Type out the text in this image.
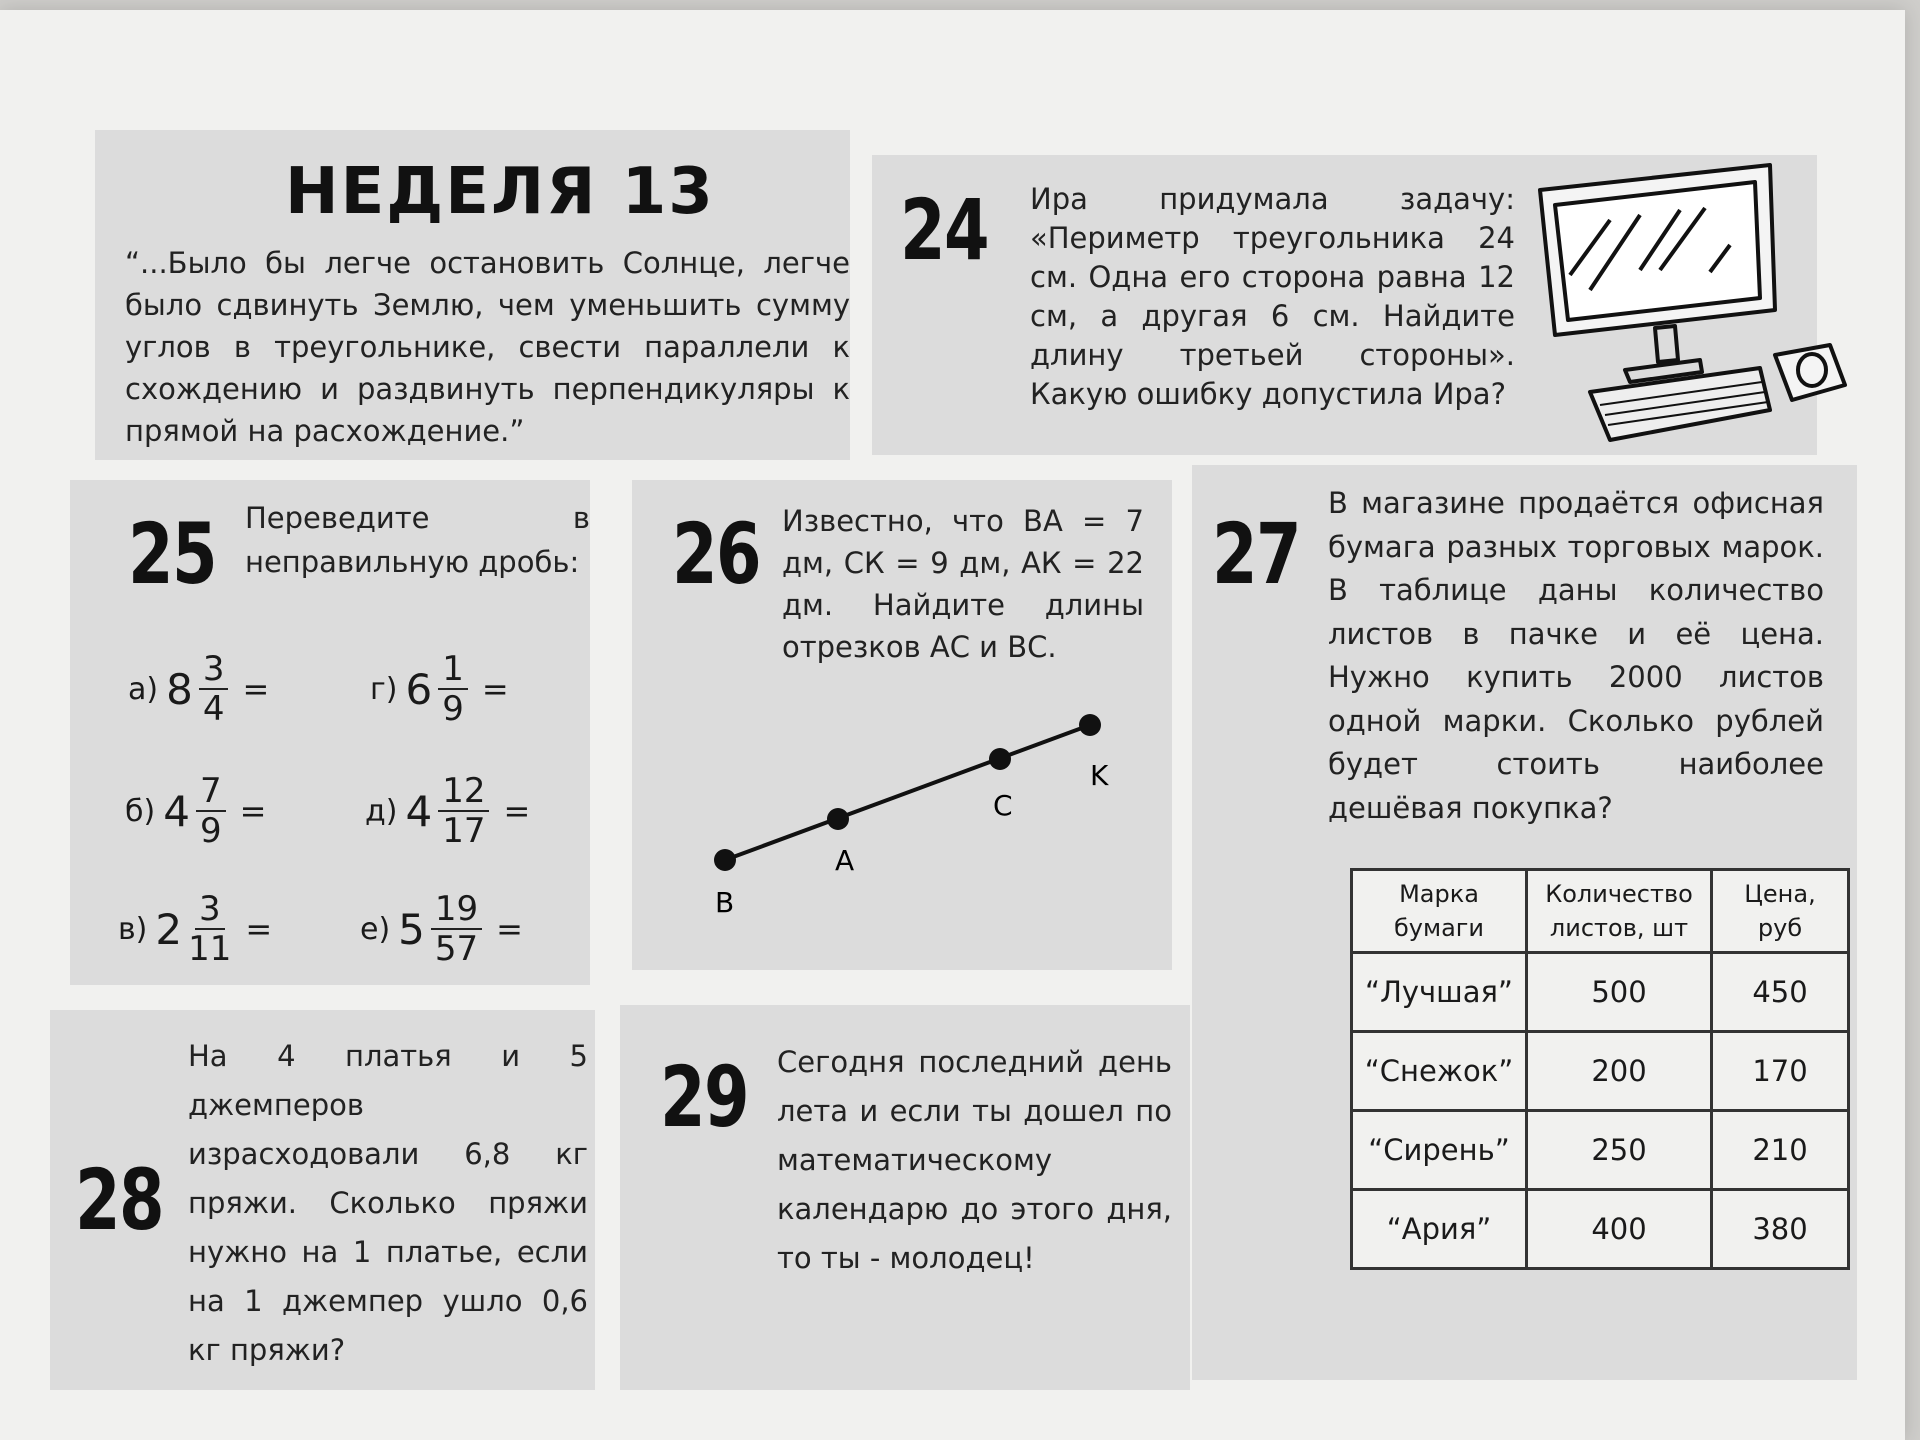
НЕДЕЛЯ 13
“...Было бы легче остановить Солнце, легче было сдвинуть Землю, чем уменьшить сумму углов в треугольнике, свести параллели к схождению и раздвинуть перпендикуляры к прямой на расхождение.”
24 Ира придумала задачу: «Периметр треугольника 24 см. Одна его сторона равна 12 см, а другая 6 см. Найдите длину третьей стороны». Какую ошибку допустила Ира?
25 Переведите в неправильную дробь:
а) $8 \frac{3}{4}$ =	г) $6 \frac{1}{9}$ =
б) $4 \frac{7}{9}$ =	д) $4 \frac{12}{17}$ =
в) $2 \frac{3}{11}$ =	е) $5 \frac{19}{57}$ =
26 Известно, что ВА = 7 дм, СК = 9 дм, АК = 22 дм. Найдите длины отрезков АС и ВС.
B
A
C
K
27
В магазине продаётся офисная бумага разных торговых марок. В таблице даны количество листов в пачке и её цена. Нужно купить 2000 листов одной марки. Сколько рублей будет стоить наиболее дешёвая покупка?
Марка бумаги	Количество листов, шт	Цена, руб
“Лучшая”	500	450
“Снежок”	200	170
“Сирень”	250	210
“Ария”	400	380
28
На 4 платья и 5 джемперов израсходовали 6,8 кг пряжи. Сколько пряжи нужно на 1 платье, если на 1 джемпер ушло 0,6 кг пряжи?
29 Сегодня последний день лета и если ты дошел по математическому календарю до этого дня, то ты - молодец!
